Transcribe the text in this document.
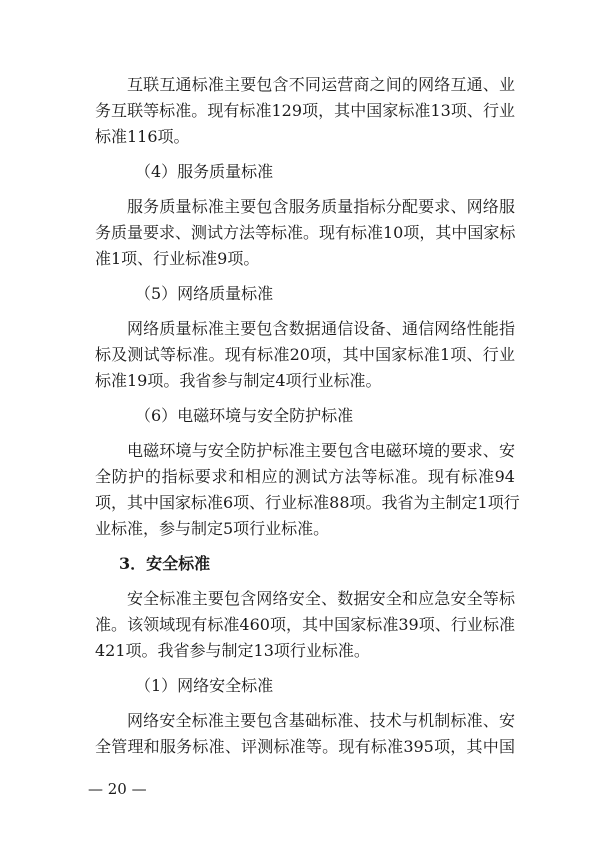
互联互通标准主要包含不同运营商之间的网络互通、业
务互联等标准。现有标准129项，其中国家标准13项、行业
标准116项。
（4）服务质量标准
服务质量标准主要包含服务质量指标分配要求、网络服
务质量要求、测试方法等标准。现有标准10项，其中国家标
准1项、行业标准9项。
（5）网络质量标准
网络质量标准主要包含数据通信设备、通信网络性能指
标及测试等标准。现有标准20项，其中国家标准1项、行业
标准19项。我省参与制定4项行业标准。
（6）电磁环境与安全防护标准
电磁环境与安全防护标准主要包含电磁环境的要求、安
全防护的指标要求和相应的测试方法等标准。现有标准94
项，其中国家标准6项、行业标准88项。我省为主制定1项行
业标准，参与制定5项行业标准。
3．安全标准
安全标准主要包含网络安全、数据安全和应急安全等标
准。该领域现有标准460项，其中国家标准39项、行业标准
421项。我省参与制定13项行业标准。
（1）网络安全标准
网络安全标准主要包含基础标准、技术与机制标准、安
全管理和服务标准、评测标准等。现有标准395项，其中国
— 20 —
